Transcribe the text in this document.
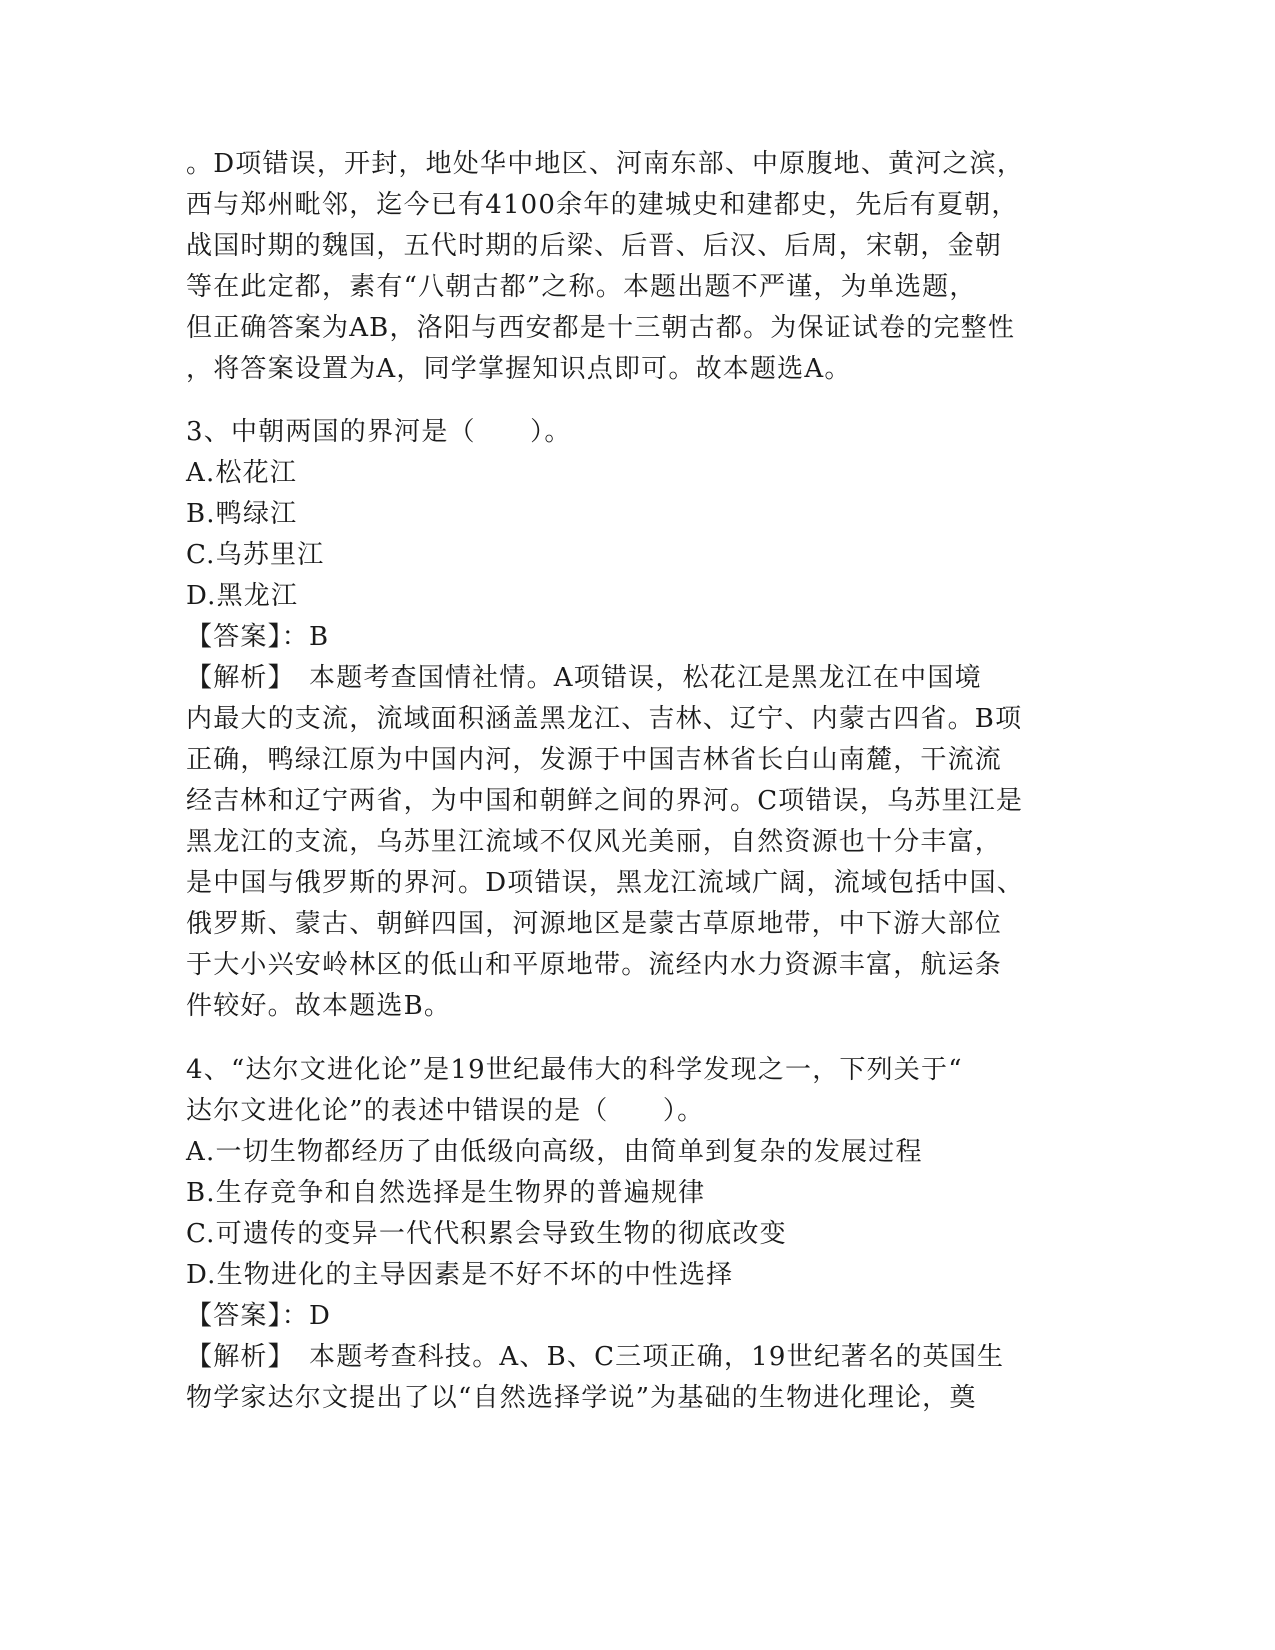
。D项错误，开封，地处华中地区、河南东部、中原腹地、黄河之滨，
西与郑州毗邻，迄今已有4100余年的建城史和建都史，先后有夏朝，
战国时期的魏国，五代时期的后梁、后晋、后汉、后周，宋朝，金朝
等在此定都，素有“八朝古都”之称。本题出题不严谨，为单选题，
但正确答案为AB，洛阳与西安都是十三朝古都。为保证试卷的完整性
，将答案设置为A，同学掌握知识点即可。故本题选A。
3、中朝两国的界河是（　　）。
A.松花江
B.鸭绿江
C.乌苏里江
D.黑龙江
【答案】：B
【解析】　本题考查国情社情。A项错误，松花江是黑龙江在中国境
内最大的支流，流域面积涵盖黑龙江、吉林、辽宁、内蒙古四省。B项
正确，鸭绿江原为中国内河，发源于中国吉林省长白山南麓，干流流
经吉林和辽宁两省，为中国和朝鲜之间的界河。C项错误，乌苏里江是
黑龙江的支流，乌苏里江流域不仅风光美丽，自然资源也十分丰富，
是中国与俄罗斯的界河。D项错误，黑龙江流域广阔，流域包括中国、
俄罗斯、蒙古、朝鲜四国，河源地区是蒙古草原地带，中下游大部位
于大小兴安岭林区的低山和平原地带。流经内水力资源丰富，航运条
件较好。故本题选B。
4、“达尔文进化论”是19世纪最伟大的科学发现之一，下列关于“
达尔文进化论”的表述中错误的是（　　）。
A.一切生物都经历了由低级向高级，由简单到复杂的发展过程
B.生存竞争和自然选择是生物界的普遍规律
C.可遗传的变异一代代积累会导致生物的彻底改变
D.生物进化的主导因素是不好不坏的中性选择
【答案】：D
【解析】　本题考查科技。A、B、C三项正确，19世纪著名的英国生
物学家达尔文提出了以“自然选择学说”为基础的生物进化理论，奠
